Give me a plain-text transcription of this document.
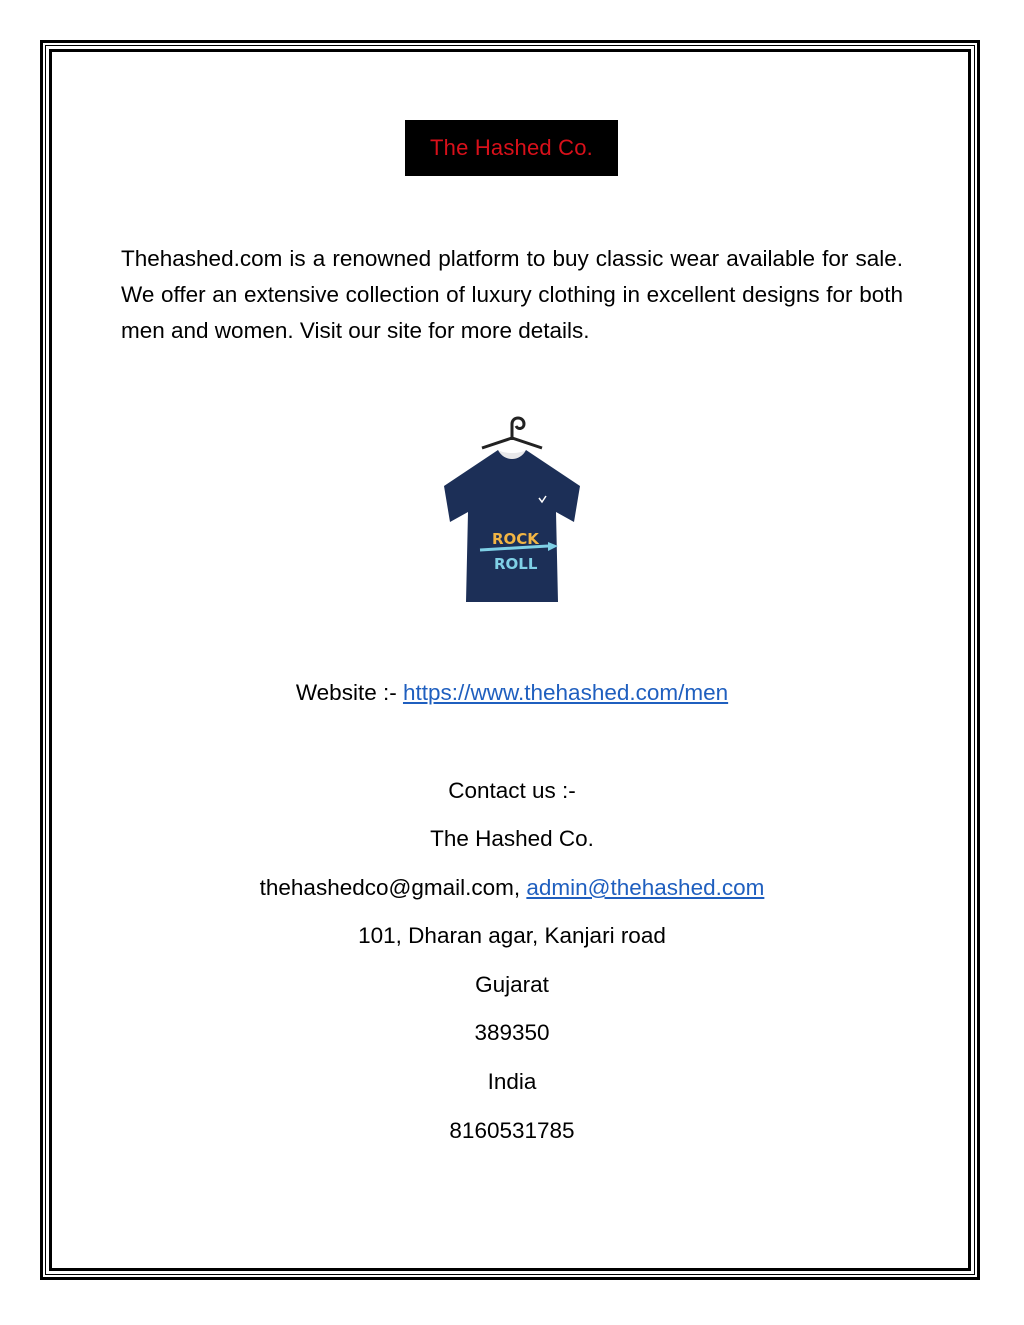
The Hashed Co.
Thehashed.com is a renowned platform to buy classic wear available for sale. We offer an extensive collection of luxury clothing in excellent designs for both men and women. Visit our site for more details.
ROCK
ROLL
Website :- https://www.thehashed.com/men
Contact us :-
The Hashed Co.
thehashedco@gmail.com, admin@thehashed.com
101, Dharan agar, Kanjari road
Gujarat
389350
India
8160531785
